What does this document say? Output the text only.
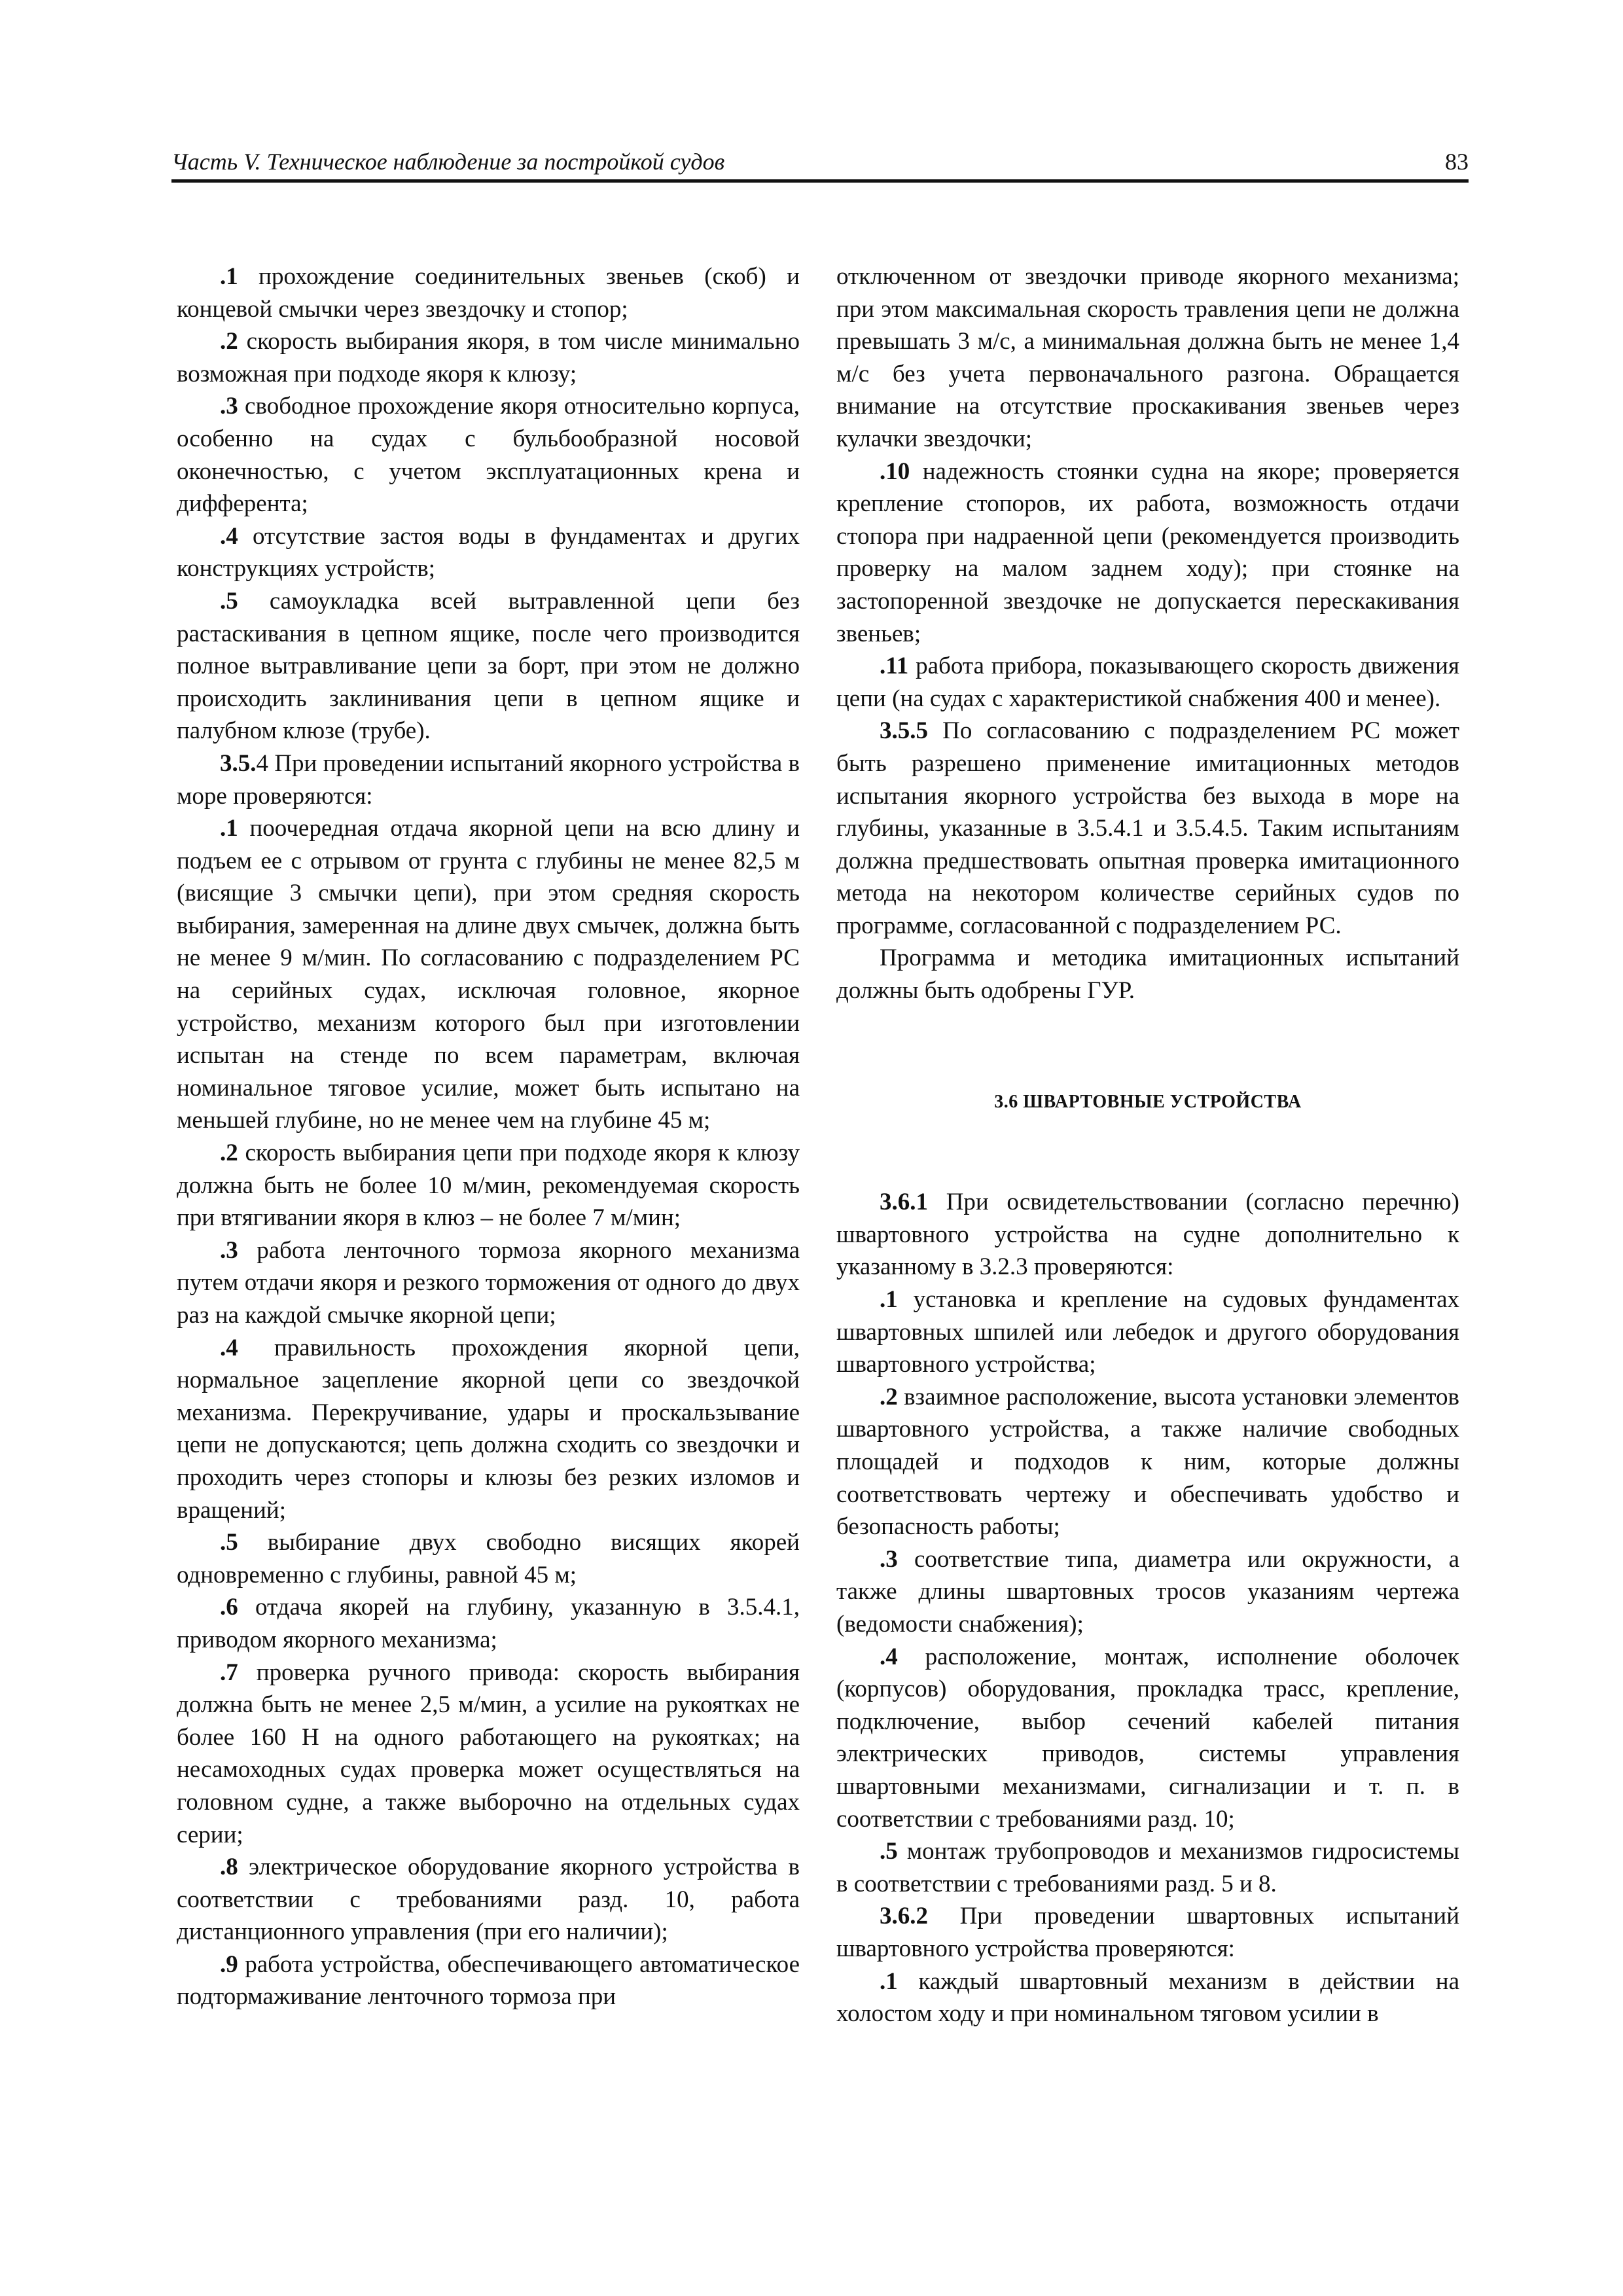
Часть V. Техническое наблюдение за постройкой судов	83

.1 прохождение соединительных звеньев (скоб) и концевой смычки через звездочку и стопор;

.2 скорость выбирания якоря, в том числе минимально возможная при подходе якоря к клюзу;

.3 свободное прохождение якоря относительно корпуса, особенно на судах с бульбообразной носовой оконечностью, с учетом эксплуатационных крена и дифферента;

.4 отсутствие застоя воды в фундаментах и других конструкциях устройств;

.5 самоукладка всей вытравленной цепи без растаскивания в цепном ящике, после чего производится полное вытравливание цепи за борт, при этом не должно происходить заклинивания цепи в цепном ящике и палубном клюзе (трубе).

3.5.4 При проведении испытаний якорного устройства в море проверяются:

.1 поочередная отдача якорной цепи на всю длину и подъем ее с отрывом от грунта с глубины не менее 82,5 м (висящие 3 смычки цепи), при этом средняя скорость выбирания, замеренная на длине двух смычек, должна быть не менее 9 м/мин. По согласованию с подразделением РС на серийных судах, исключая головное, якорное устройство, механизм которого был при изготовлении испытан на стенде по всем параметрам, включая номинальное тяговое усилие, может быть испытано на меньшей глубине, но не менее чем на глубине 45 м;

.2 скорость выбирания цепи при подходе якоря к клюзу должна быть не более 10 м/мин, рекомендуемая скорость при втягивании якоря в клюз – не более 7 м/мин;

.3 работа ленточного тормоза якорного механизма путем отдачи якоря и резкого торможения от одного до двух раз на каждой смычке якорной цепи;

.4 правильность прохождения якорной цепи, нормальное зацепление якорной цепи со звездочкой механизма. Перекручивание, удары и проскальзывание цепи не допускаются; цепь должна сходить со звездочки и проходить через стопоры и клюзы без резких изломов и вращений;

.5 выбирание двух свободно висящих якорей одновременно с глубины, равной 45 м;

.6 отдача якорей на глубину, указанную в 3.5.4.1, приводом якорного механизма;

.7 проверка ручного привода: скорость выбирания должна быть не менее 2,5 м/мин, а усилие на рукоятках не более 160 Н на одного работающего на рукоятках; на несамоходных судах проверка может осуществляться на головном судне, а также выборочно на отдельных судах серии;

.8 электрическое оборудование якорного устройства в соответствии с требованиями разд. 10, работа дистанционного управления (при его наличии);

.9 работа устройства, обеспечивающего автоматическое подтормаживание ленточного тормоза при

отключенном от звездочки приводе якорного механизма; при этом максимальная скорость травления цепи не должна превышать 3 м/с, а минимальная должна быть не менее 1,4 м/с без учета первоначального разгона. Обращается внимание на отсутствие проскакивания звеньев через кулачки звездочки;

.10 надежность стоянки судна на якоре; проверяется крепление стопоров, их работа, возможность отдачи стопора при надраенной цепи (рекомендуется производить проверку на малом заднем ходу); при стоянке на застопоренной звездочке не допускается перескакивания звеньев;

.11 работа прибора, показывающего скорость движения цепи (на судах с характеристикой снабжения 400 и менее).

3.5.5 По согласованию с подразделением РС может быть разрешено применение имитационных методов испытания якорного устройства без выхода в море на глубины, указанные в 3.5.4.1 и 3.5.4.5. Таким испытаниям должна предшествовать опытная проверка имитационного метода на некотором количестве серийных судов по программе, согласованной с подразделением РС.

Программа и методика имитационных испытаний должны быть одобрены ГУР.

3.6 ШВАРТОВНЫЕ УСТРОЙСТВА

3.6.1 При освидетельствовании (согласно перечню) швартовного устройства на судне дополнительно к указанному в 3.2.3 проверяются:

.1 установка и крепление на судовых фундаментах швартовных шпилей или лебедок и другого оборудования швартовного устройства;

.2 взаимное расположение, высота установки элементов швартовного устройства, а также наличие свободных площадей и подходов к ним, которые должны соответствовать чертежу и обеспечивать удобство и безопасность работы;

.3 соответствие типа, диаметра или окружности, а также длины швартовных тросов указаниям чертежа (ведомости снабжения);

.4 расположение, монтаж, исполнение оболочек (корпусов) оборудования, прокладка трасс, крепление, подключение, выбор сечений кабелей питания электрических приводов, системы управления швартовными механизмами, сигнализации и т. п. в соответствии с требованиями разд. 10;

.5 монтаж трубопроводов и механизмов гидросистемы в соответствии с требованиями разд. 5 и 8.

3.6.2 При проведении швартовных испытаний швартовного устройства проверяются:

.1 каждый швартовный механизм в действии на холостом ходу и при номинальном тяговом усилии в
